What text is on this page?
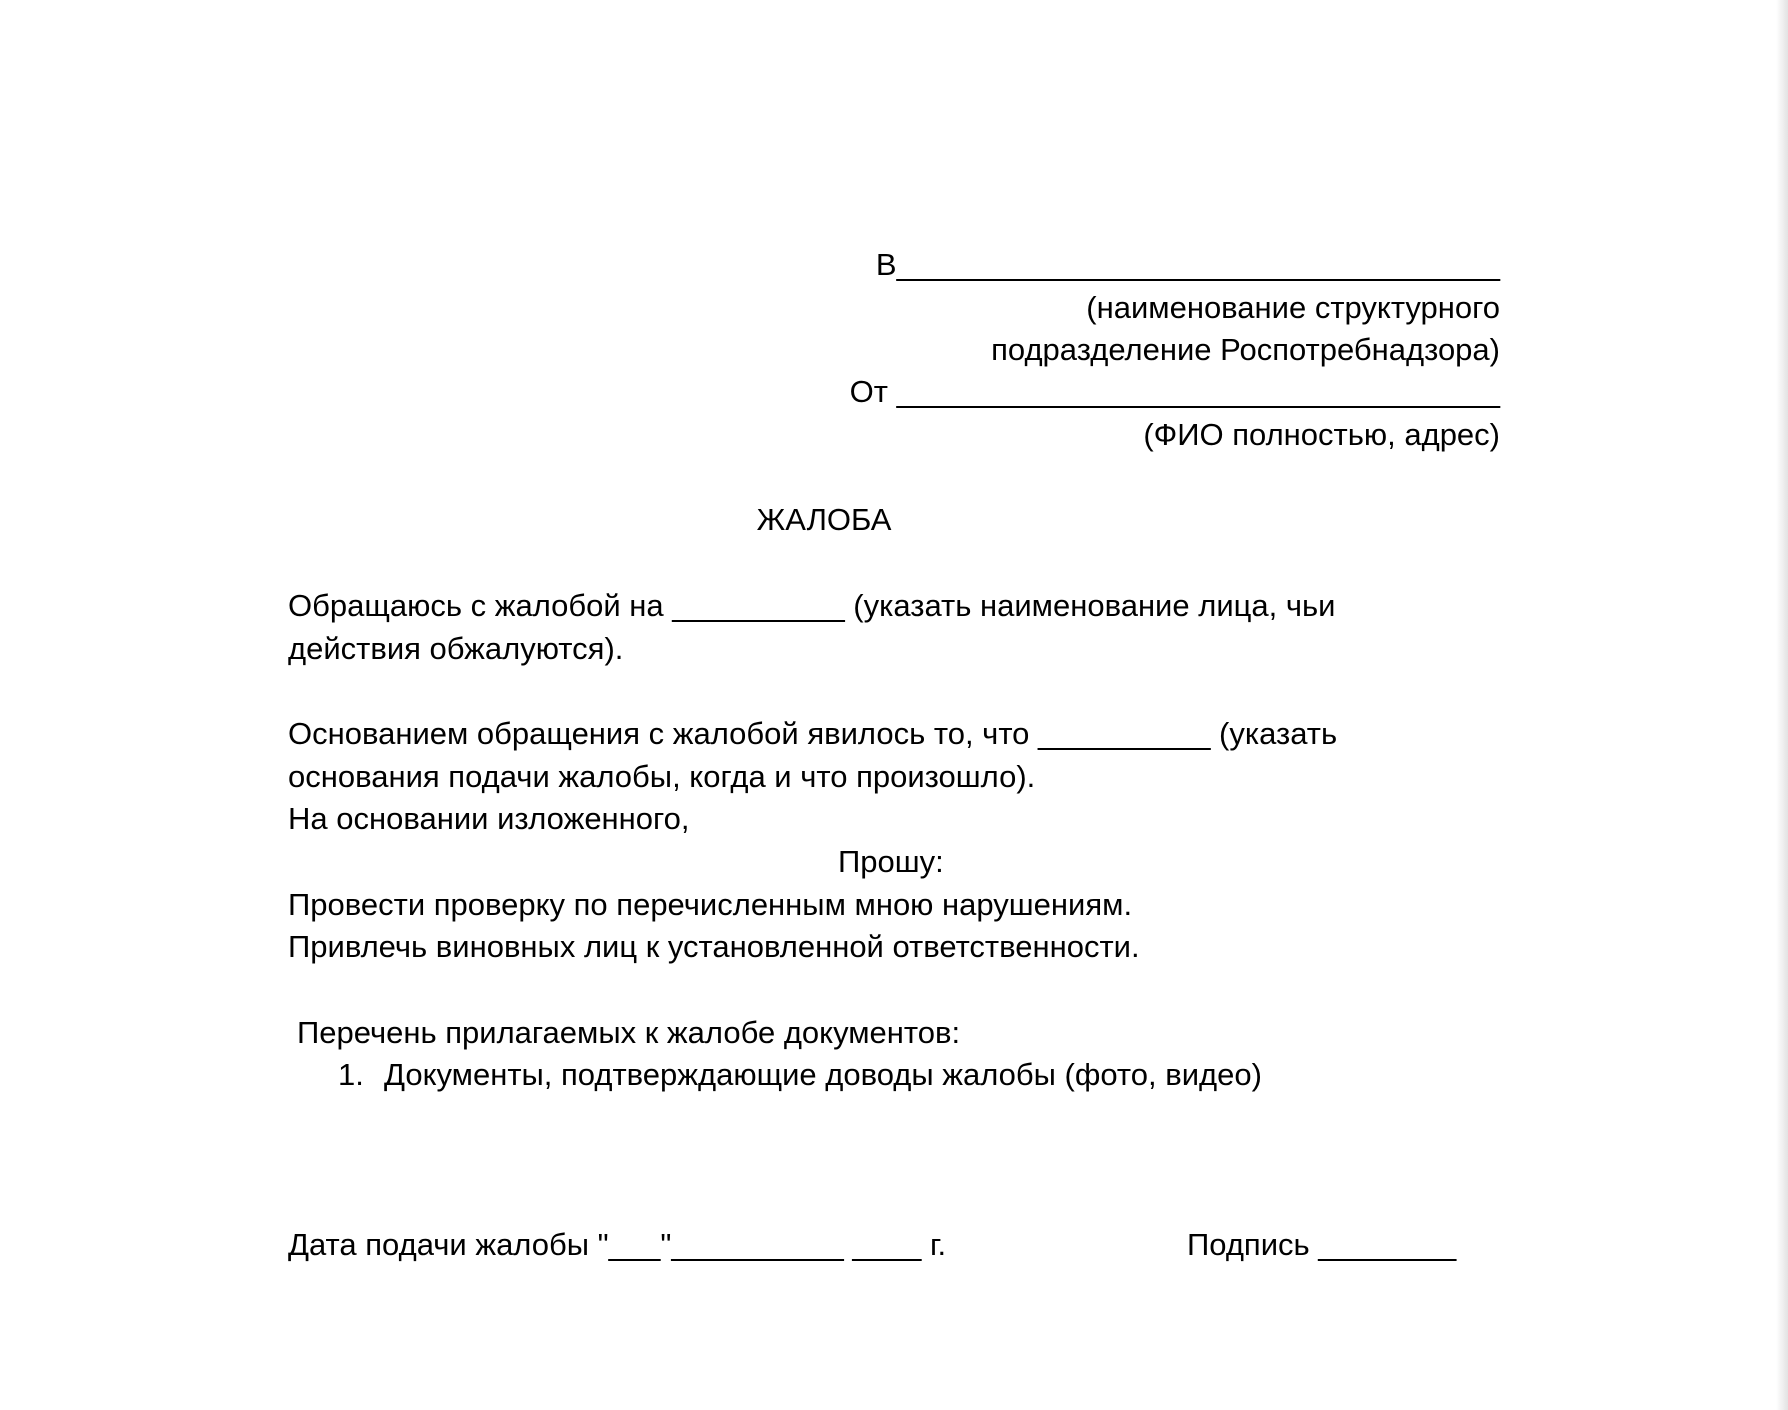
В___________________________________
(наименование структурного
подразделение Роспотребнадзора)
От ___________________________________
(ФИО полностью, адрес)
ЖАЛОБА
Обращаюсь с жалобой на __________ (указать наименование лица, чьи
действия обжалуются).
Основанием обращения с жалобой явилось то, что __________ (указать
основания подачи жалобы, когда и что произошло).
На основании изложенного,
Прошу:
Провести проверку по перечисленным мною нарушениям.
Привлечь виновных лиц к установленной ответственности.
Перечень прилагаемых к жалобе документов:
1. Документы, подтверждающие доводы жалобы (фото, видео)
Дата подачи жалобы "___"__________ ____ г.	Подпись ________
